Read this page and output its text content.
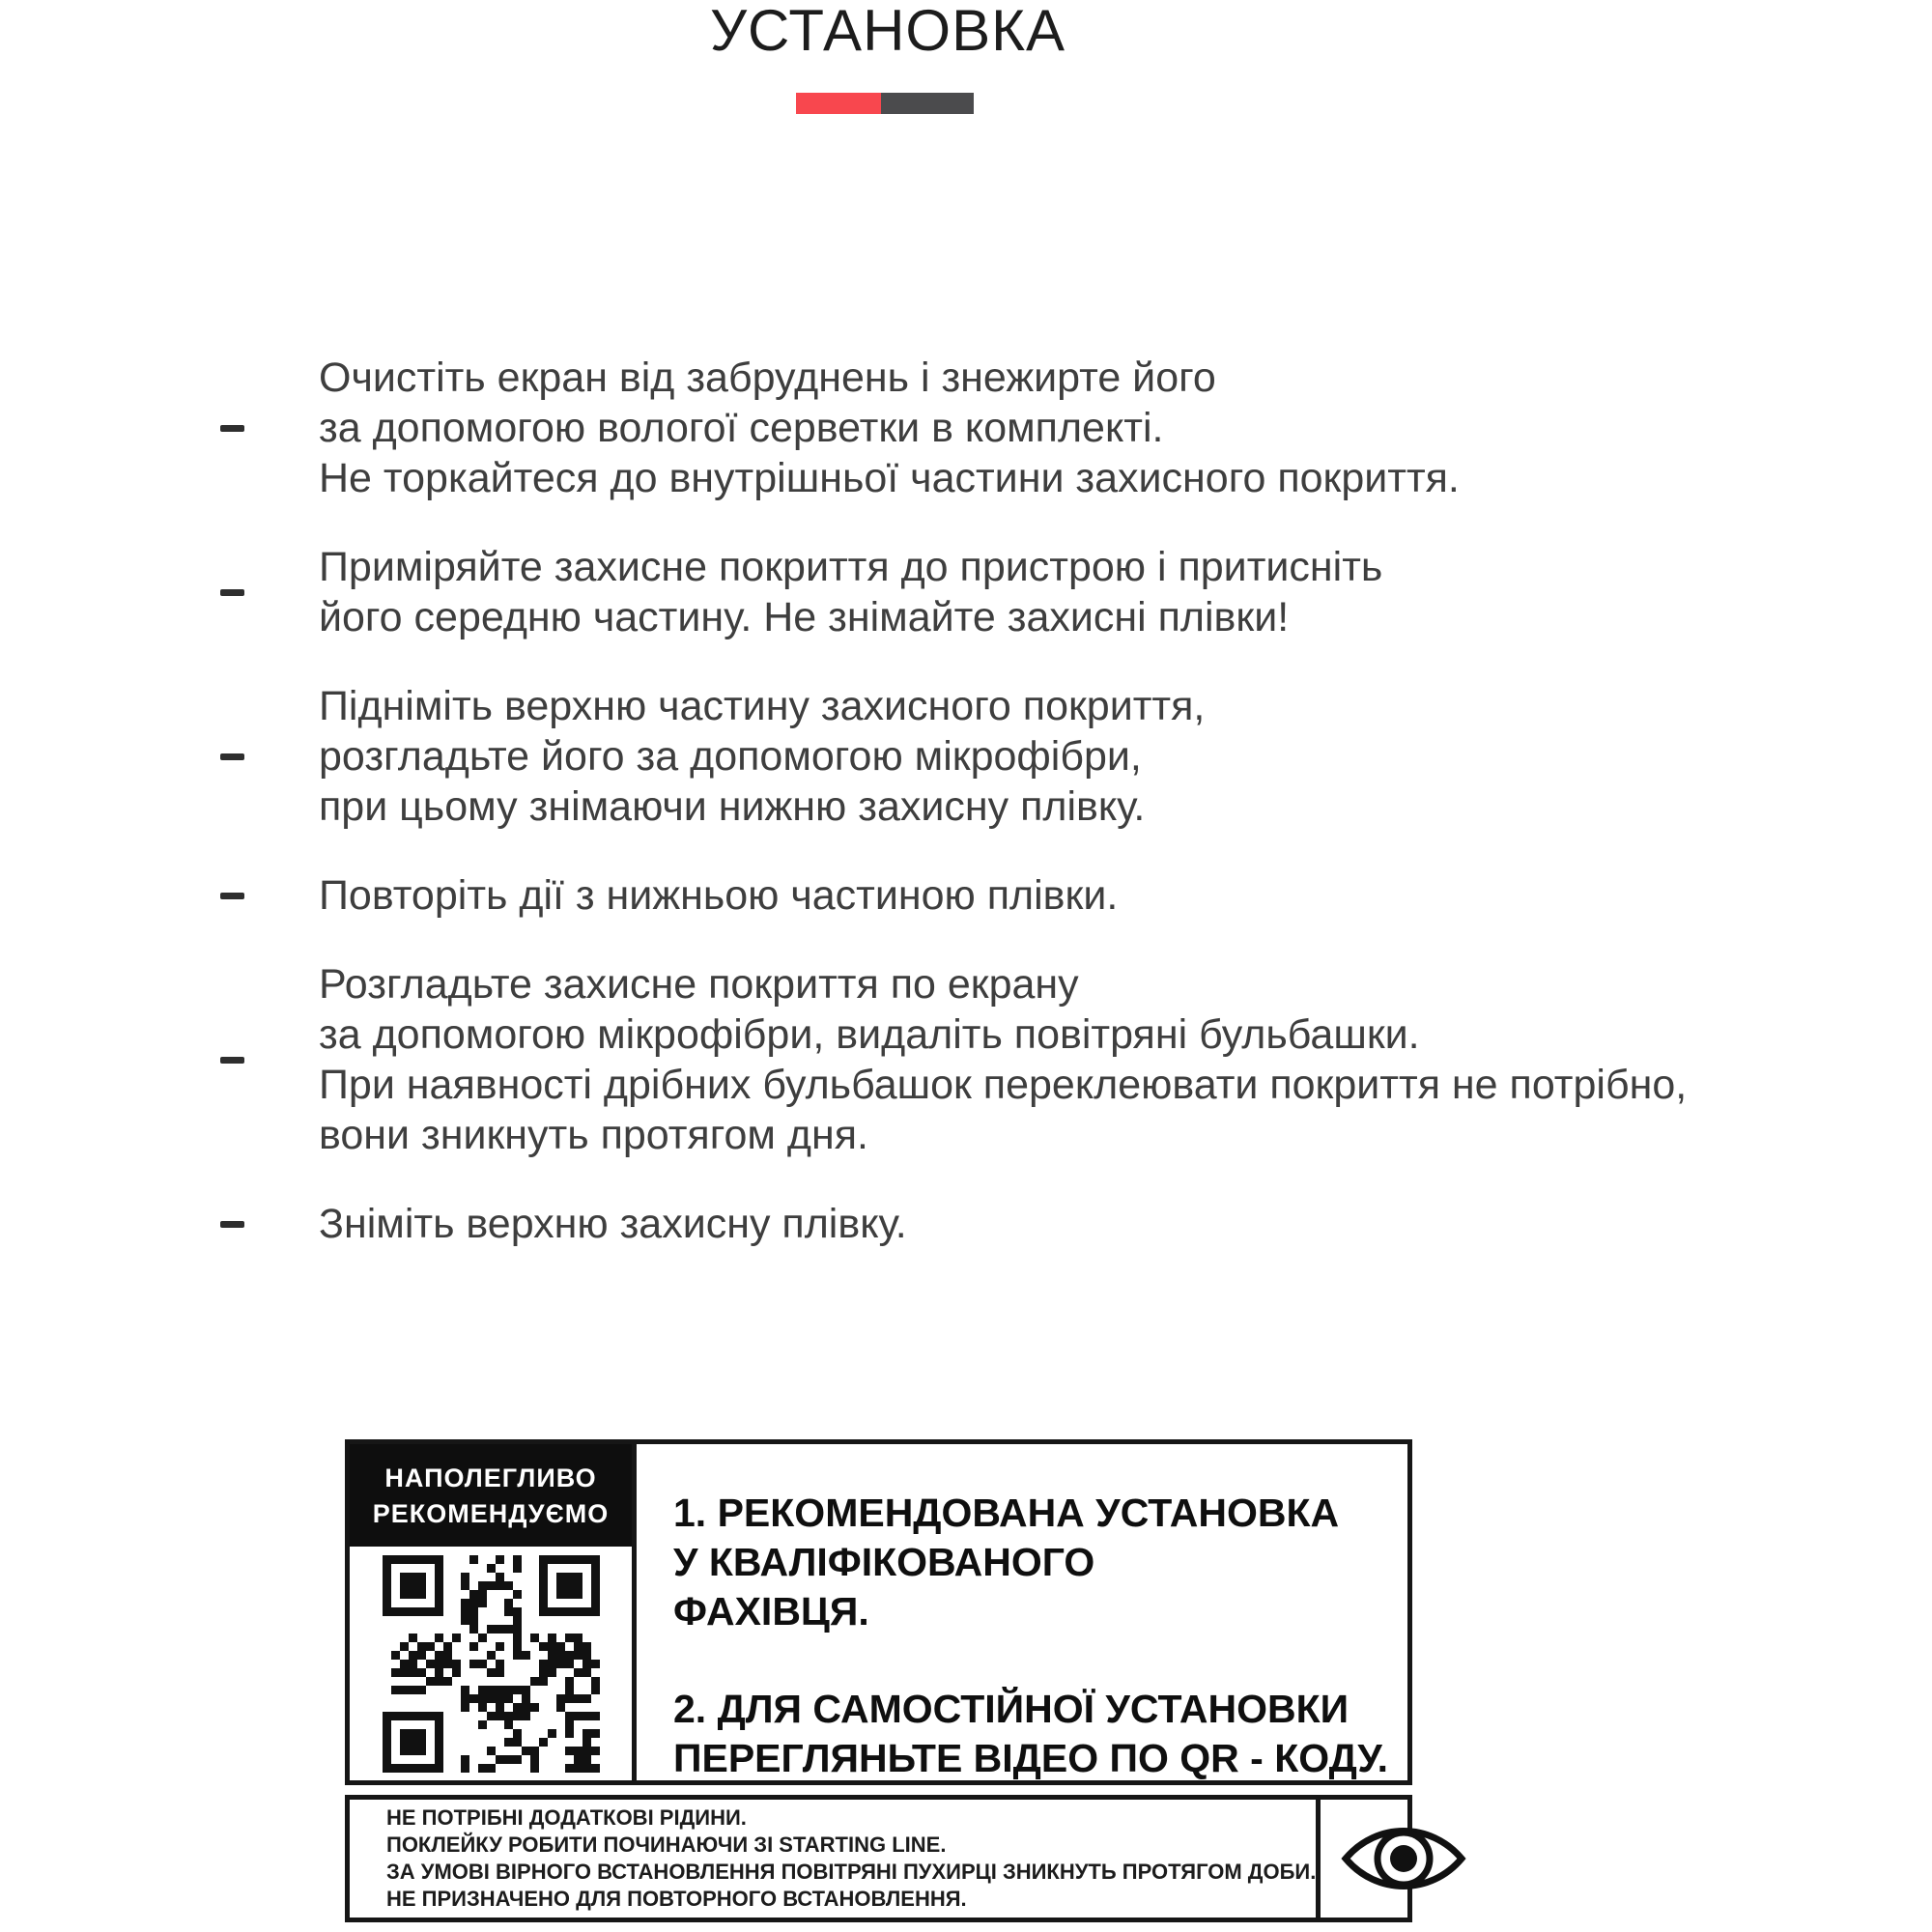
УСТАНОВКА
Очистіть екран від забруднень і знежирте його
за допомогою вологої серветки в комплекті.
Не торкайтеся до внутрішньої частини захисного покриття.
Приміряйте захисне покриття до пристрою і притисніть
його середню частину. Не знімайте захисні плівки!
Підніміть верхню частину захисного покриття,
розгладьте його за допомогою мікрофібри,
при цьому знімаючи нижню захисну плівку.
Повторіть дії з нижньою частиною плівки.
Розгладьте захисне покриття по екрану
за допомогою мікрофібри, видаліть повітряні бульбашки.
При наявності дрібних бульбашок переклеювати покриття не потрібно,
вони зникнуть протягом дня.
Зніміть верхню захисну плівку.
НАПОЛЕГЛИВО
РЕКОМЕНДУЄМО	1. РЕКОМЕНДОВАНА УСТАНОВКА
У КВАЛІФІКОВАНОГО
ФАХІВЦЯ.
2. ДЛЯ САМОСТІЙНОЇ УСТАНОВКИ
ПЕРЕГЛЯНЬТЕ ВІДЕО ПО QR - КОДУ.
НЕ ПОТРІБНІ ДОДАТКОВІ РІДИНИ.
ПОКЛЕЙКУ РОБИТИ ПОЧИНАЮЧИ ЗІ STARTING LINE.
ЗА УМОВІ ВІРНОГО ВСТАНОВЛЕННЯ ПОВІТРЯНІ ПУХИРЦІ ЗНИКНУТЬ ПРОТЯГОМ ДОБИ.
НЕ ПРИЗНАЧЕНО ДЛЯ ПОВТОРНОГО ВСТАНОВЛЕННЯ.
